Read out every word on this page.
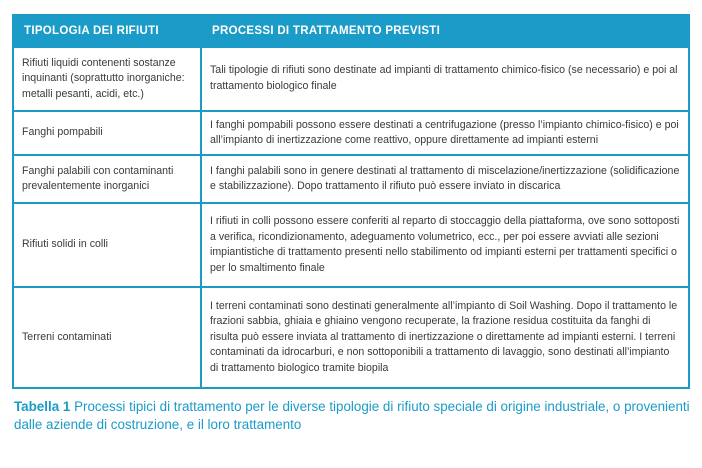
TIPOLOGIA DEI RIFIUTI	PROCESSI DI TRATTAMENTO PREVISTI
Rifiuti liquidi contenenti sostanze inquinanti (soprattutto inorganiche: metalli pesanti, acidi, etc.)	Tali tipologie di rifiuti sono destinate ad impianti di trattamento chimico-fisico (se necessario) e poi al trattamento biologico finale
Fanghi pompabili	I fanghi pompabili possono essere destinati a centrifugazione (presso l’impianto chimico-fisico) e poi all’impianto di inertizzazione come reattivo, oppure direttamente ad impianti esterni
Fanghi palabili con contaminanti prevalentemente inorganici	I fanghi palabili sono in genere destinati al trattamento di miscelazione/inertizzazione (solidificazione e stabilizzazione). Dopo trattamento il rifiuto può essere inviato in discarica
Rifiuti solidi in colli	I rifiuti in colli possono essere conferiti al reparto di stoccaggio della piattaforma, ove sono sottoposti a verifica, ricondizionamento, adeguamento volumetrico, ecc., per poi essere avviati alle sezioni impiantistiche di trattamento presenti nello stabilimento od impianti esterni per trattamenti specifici o per lo smaltimento finale
Terreni contaminati	I terreni contaminati sono destinati generalmente all’impianto di Soil Washing. Dopo il trattamento le frazioni sabbia, ghiaia e ghiaino vengono recuperate, la frazione residua costituita da fanghi di risulta può essere inviata al trattamento di inertizzazione o direttamente ad impianti esterni. I terreni contaminati da idrocarburi, e non sottoponibili a trattamento di lavaggio, sono destinati all’impianto di trattamento biologico tramite biopila
Tabella 1 Processi tipici di trattamento per le diverse tipologie di rifiuto speciale di origine industriale, o provenienti dalle aziende di costruzione, e il loro trattamento
